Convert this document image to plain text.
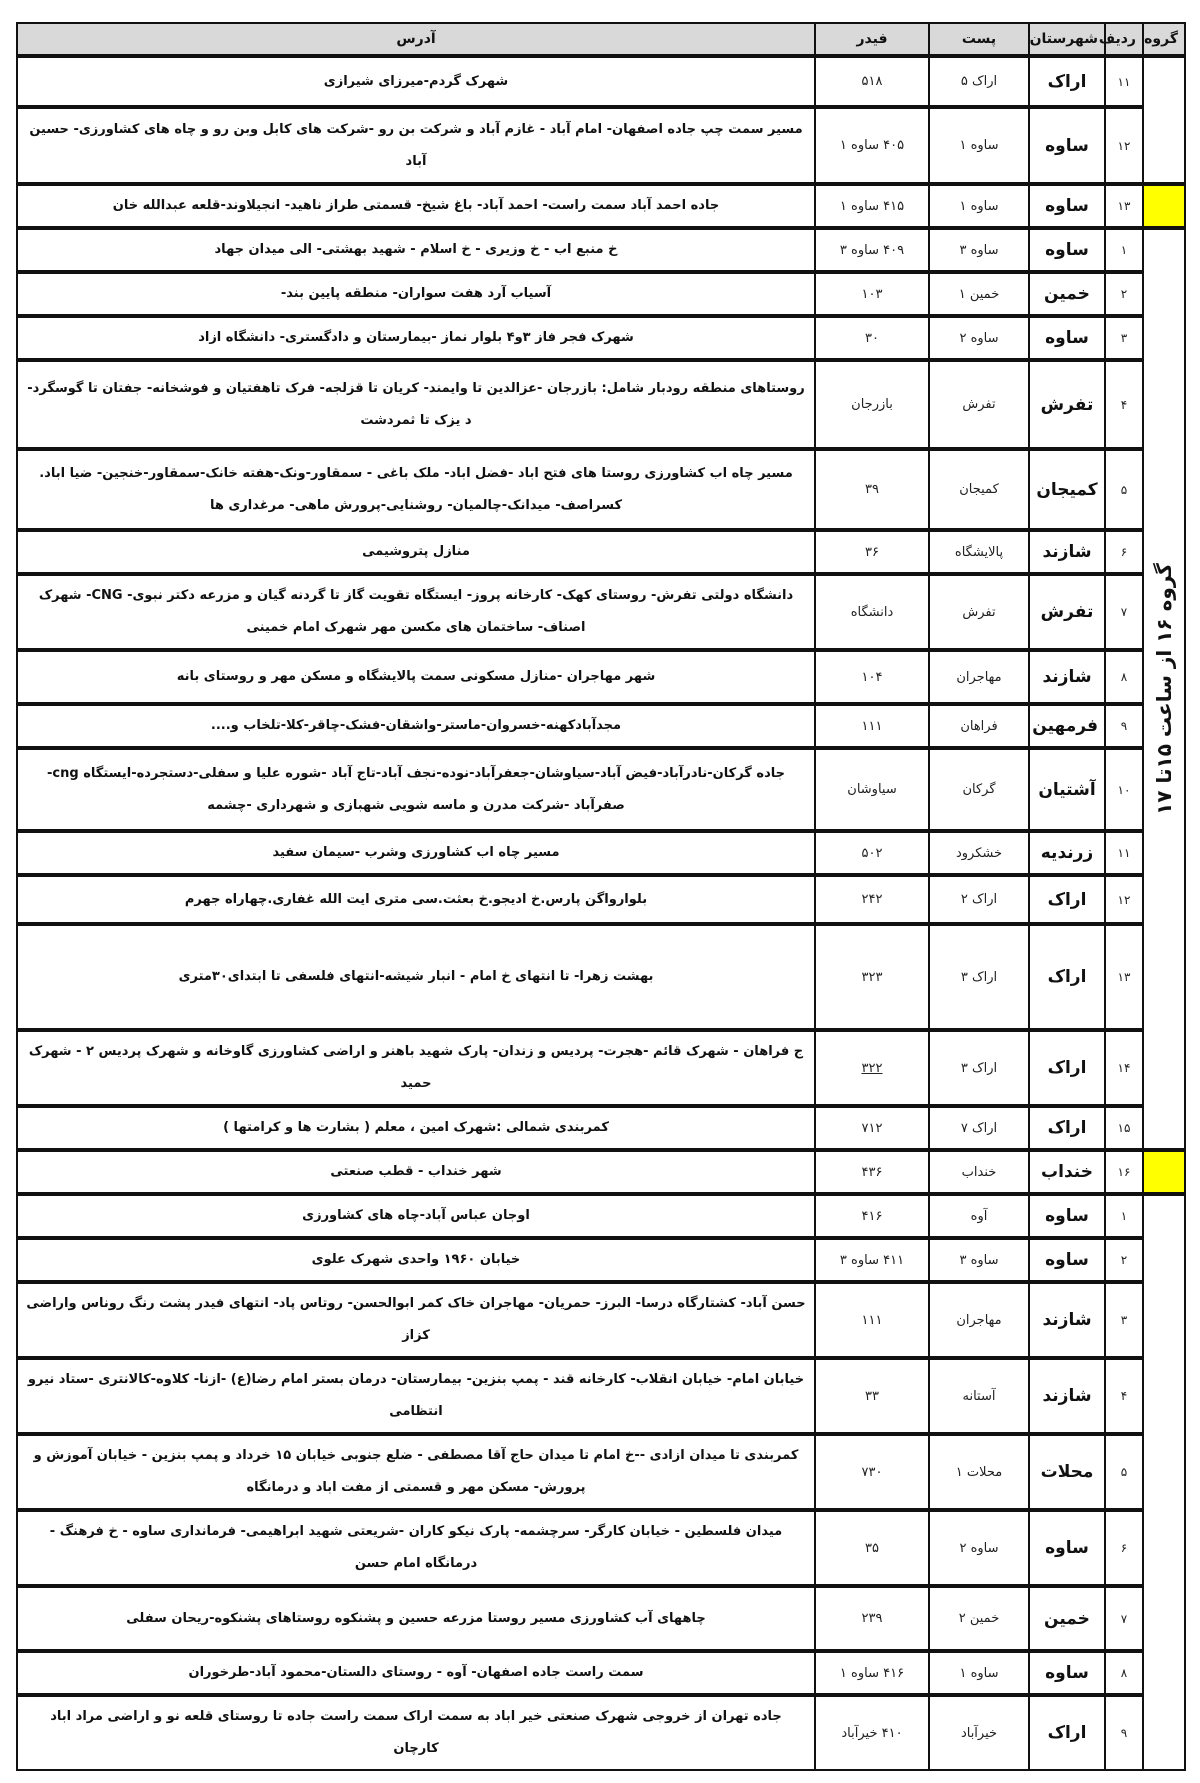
گروه	ردیف	شهرستان	پست	فیدر	آدرس
	۱۱	اراک	اراک ۵	۵۱۸	شهرک گردم-میرزای شیرازی
	۱۲	ساوه	ساوه ۱	۴۰۵ ساوه ۱	مسیر سمت چپ جاده اصفهان- امام آباد - غازم آباد و شرکت بن رو -شرکت های کابل وبن رو و چاه های کشاورزی- حسین آباد
	۱۳	ساوه	ساوه ۱	۴۱۵ ساوه ۱	جاده احمد آباد سمت راست- احمد آباد- باغ شیخ- قسمتی طراز ناهید- انجیلاوند-قلعه عبدالله خان

گروه ۱۶ از ساعت ۱۵تا ۱۷	۱	ساوه	ساوه ۳	۴۰۹ ساوه ۳	خ منبع اب - خ وزیری - خ اسلام - شهید بهشتی- الی میدان جهاد
	۲	خمین	خمین ۱	۱۰۳	آسیاب آرد هفت سواران- منطقه پایین بند-
	۳	ساوه	ساوه ۲	۳۰	شهرک فجر فاز ۳و۴ بلوار نماز -بیمارستان و دادگستری- دانشگاه ازاد
	۴	تفرش	تفرش	بازرجان	روستاهای منطقه رودبار شامل: بازرجان -عزالدین تا وایمند- کریان تا قزلجه- فرک تاهفتیان و فوشخانه- جفتان تا گوسگرد- د یزک تا ثمردشت
	۵	کمیجان	کمیجان	۳۹	مسیر چاه اب کشاورزی روستا های فتح اباد -فضل اباد- ملک باغی - سمقاور-ونک-هفته خانک-سمقاور-خنجین- ضیا اباد. کسراصف- میدانک-چالمیان- روشنایی-پرورش ماهی- مرغداری ها
	۶	شازند	پالایشگاه	۳۶	منازل پتروشیمی
	۷	تفرش	تفرش	دانشگاه	دانشگاه دولتی تفرش- روستای کهک- کارخانه پروز- ایستگاه تقویت گاز تا گردنه گیان و مزرعه دکتر نبوی- CNG- شهرک اصناف- ساختمان های مکسن مهر شهرک امام خمینی
	۸	شازند	مهاجران	۱۰۴	شهر مهاجران -منازل مسکونی سمت پالایشگاه و مسکن مهر و روستای بانه
	۹	فرمهین	فراهان	۱۱۱	مجدآبادکهنه-خسروان-ماستر-واشقان-فشک-چاقر-کلا-تلخاب و....
	۱۰	آشتیان	گرکان	سیاوشان	جاده گرکان-نادرآباد-فیض آباد-سیاوشان-جعفرآباد-نوده-نجف آباد-تاج آباد -شوره علیا و سفلی-دستجرده-ایستگاه cng- صفرآباد -شرکت مدرن و ماسه شویی شهبازی و شهرداری -چشمه
	۱۱	زرندیه	خشکرود	۵۰۲	مسیر چاه اب کشاورزی وشرب -سیمان سفید
	۱۲	اراک	اراک ۲	۲۴۲	بلوارواگن پارس.خ ادیجو.خ بعثت.سی متری ایت الله غفاری.چهاراه جهرم
	۱۳	اراک	اراک ۳	۳۲۳	بهشت زهرا- تا انتهای خ امام - انبار شیشه-انتهای فلسفی تا ابتدای۳۰متری
	۱۴	اراک	اراک ۳	۳۲۲	ج فراهان - شهرک قائم -هجرت- پردیس و زندان- پارک شهید باهنر و اراضی کشاورزی گاوخانه و شهرک پردیس ۲ - شهرک حمید
	۱۵	اراک	اراک ۷	۷۱۲	کمربندی شمالی :شهرک امین ، معلم ( بشارت ها و کرامتها )
	۱۶	خنداب	خنداب	۴۳۶	شهر خنداب - قطب صنعتی
	۱	ساوه	آوه	۴۱۶	اوجان عباس آباد-چاه های کشاورزی
	۲	ساوه	ساوه ۳	۴۱۱ ساوه ۳	خیابان ۱۹۶۰ واحدی شهرک علوی
	۳	شازند	مهاجران	۱۱۱	حسن آباد- کشتارگاه درسا- البرز- حمریان- مهاجران خاک کمر ابوالحسن- روتاس پاد- انتهای فیدر پشت رنگ روناس واراضی کزاز
	۴	شازند	آستانه	۳۳	خیابان امام- خیابان انقلاب- کارخانه قند - پمپ بنزین- بیمارستان- درمان بستر امام رضا(ع) -ازنا- کلاوه-کالانتری -ستاد نیرو انتظامی
	۵	محلات	محلات ۱	۷۳۰	کمربندی تا میدان ازادی --خ امام تا میدان حاج آقا مصطفی - ضلع جنوبی خیابان ۱۵ خرداد و پمپ بنزین - خیابان آموزش و پرورش- مسکن مهر و قسمتی از مفت اباد و درمانگاه
	۶	ساوه	ساوه ۲	۳۵	میدان فلسطین - خیابان کارگر- سرچشمه- پارک نیکو کاران -شریعتی شهید ابراهیمی- فرمانداری ساوه - خ فرهنگ - درمانگاه امام حسن
	۷	خمین	خمین ۲	۲۳۹	چاههای آب کشاورزی مسیر روستا مزرعه حسین و پشنکوه روستاهای پشنکوه-ریحان سفلی
	۸	ساوه	ساوه ۱	۴۱۶ ساوه ۱	سمت راست جاده اصفهان- آوه - روستای دالستان-محمود آباد-طرخوران
	۹	اراک	خیرآباد	۴۱۰ خیرآباد	جاده تهران از خروجی شهرک صنعتی خیر اباد به سمت اراک سمت راست جاده تا روستای قلعه نو و اراضی مراد اباد کارچان
